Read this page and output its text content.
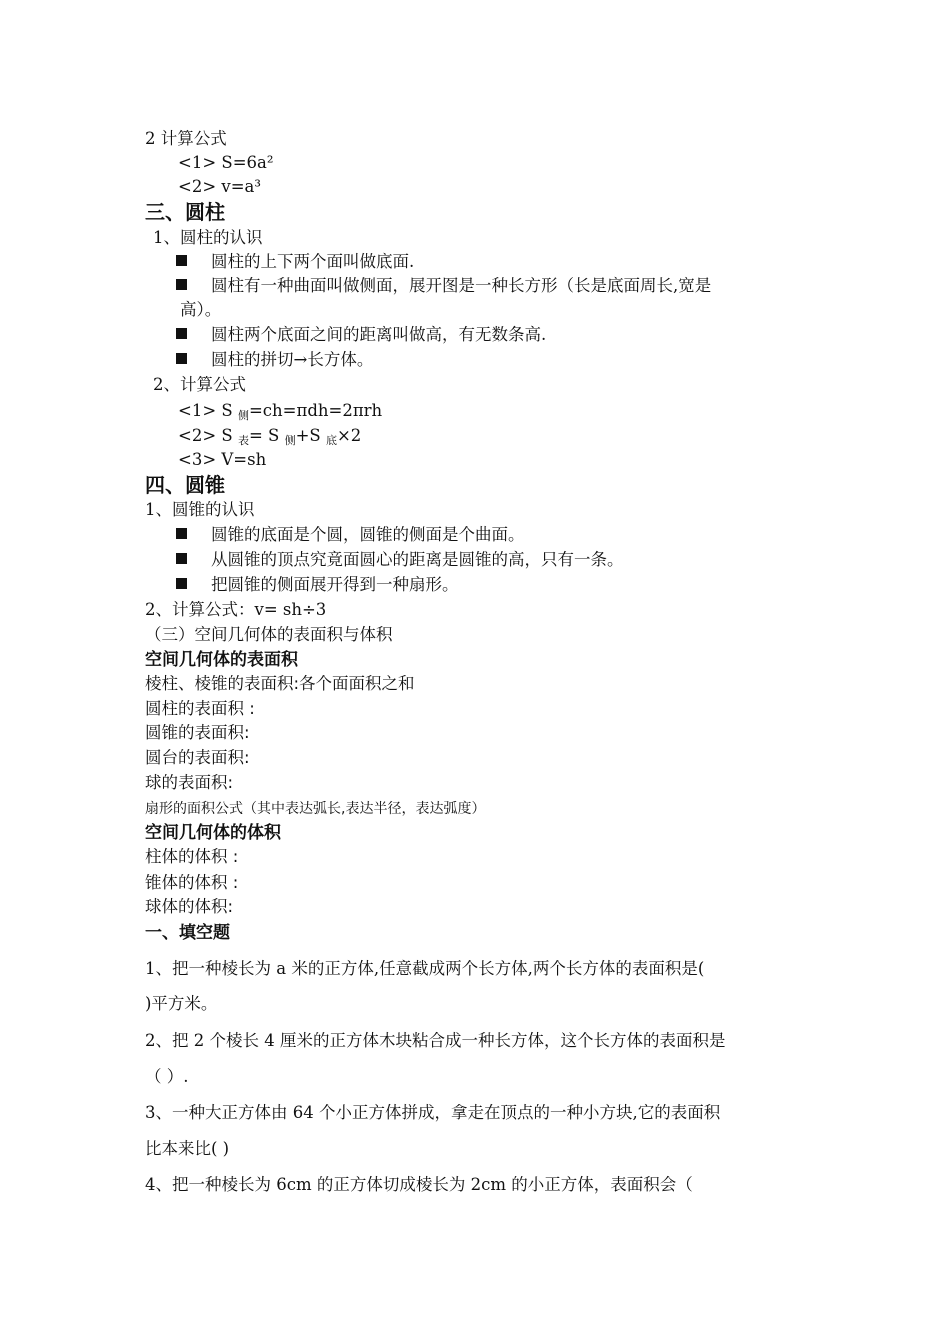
2 计算公式
<1> S=6a²
<2> v=a³
三、圆柱
1、圆柱的认识
圆柱的上下两个面叫做底面.
圆柱有一种曲面叫做侧面，展开图是一种长方形（长是底面周长,宽是
高）。
圆柱两个底面之间的距离叫做高，有无数条高.
圆柱的拼切→长方体。
2、计算公式
<1> S $_侧$=ch=πdh=2πrh
<2> S $_表$= S $_侧$+S $_底$×2
<3> V=sh
四、圆锥
1、圆锥的认识
圆锥的底面是个圆，圆锥的侧面是个曲面。
从圆锥的顶点究竟面圆心的距离是圆锥的高，只有一条。
把圆锥的侧面展开得到一种扇形。
2、计算公式：v= sh÷3
（三）空间几何体的表面积与体积
空间几何体的表面积
棱柱、棱锥的表面积:各个面面积之和
圆柱的表面积 :
圆锥的表面积:
圆台的表面积:
球的表面积:
扇形的面积公式（其中表达弧长,表达半径，表达弧度）
空间几何体的体积
柱体的体积 :
锥体的体积 :
球体的体积:
一、填空题
1、把一种棱长为 a 米的正方体,任意截成两个长方体,两个长方体的表面积是(
)平方米。
2、把 2 个棱长 4 厘米的正方体木块粘合成一种长方体，这个长方体的表面积是
（ ）.
3、一种大正方体由 64 个小正方体拼成，拿走在顶点的一种小方块,它的表面积
比本来比( )
4、把一种棱长为 6cm 的正方体切成棱长为 2cm 的小正方体，表面积会（
